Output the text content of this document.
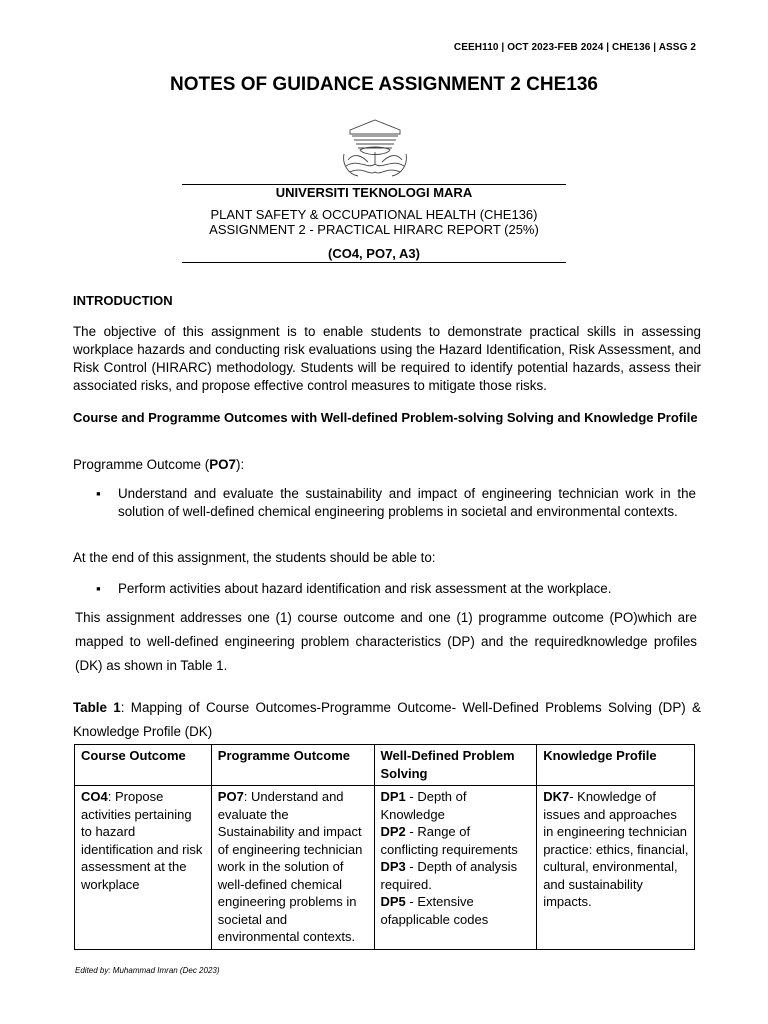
CEEH110 | OCT 2023-FEB 2024 | CHE136 | ASSG 2
NOTES OF GUIDANCE ASSIGNMENT 2 CHE136
UNIVERSITI TEKNOLOGI MARA
PLANT SAFETY & OCCUPATIONAL HEALTH (CHE136)
ASSIGNMENT 2 - PRACTICAL HIRARC REPORT (25%)
(CO4, PO7, A3)
INTRODUCTION
The objective of this assignment is to enable students to demonstrate practical skills in assessing workplace hazards and conducting risk evaluations using the Hazard Identification, Risk Assessment, and Risk Control (HIRARC) methodology. Students will be required to identify potential hazards, assess their associated risks, and propose effective control measures to mitigate those risks.
Course and Programme Outcomes with Well-defined Problem-solving Solving and Knowledge Profile
Programme Outcome (PO7):
▪ Understand and evaluate the sustainability and impact of engineering technician work in the solution of well-defined chemical engineering problems in societal and environmental contexts.
At the end of this assignment, the students should be able to:
▪ Perform activities about hazard identification and risk assessment at the workplace.
This assignment addresses one (1) course outcome and one (1) programme outcome (PO)which are mapped to well-defined engineering problem characteristics (DP) and the requiredknowledge profiles (DK) as shown in Table 1.
Table 1: Mapping of Course Outcomes-Programme Outcome- Well-Defined Problems Solving (DP) & Knowledge Profile (DK)
Course Outcome	Programme Outcome	Well-Defined Problem Solving	Knowledge Profile
CO4: Propose activities pertaining to hazard identification and risk assessment at the workplace	PO7: Understand and evaluate the Sustainability and impact of engineering technician work in the solution of well-defined chemical engineering problems in societal and environmental contexts.	DP1 - Depth of Knowledge
DP2 - Range of conflicting requirements
DP3 - Depth of analysis required.
DP5 - Extensive ofapplicable codes	DK7- Knowledge of issues and approaches in engineering technician practice: ethics, financial, cultural, environmental, and sustainability impacts.
Edited by: Muhammad Imran (Dec 2023)
